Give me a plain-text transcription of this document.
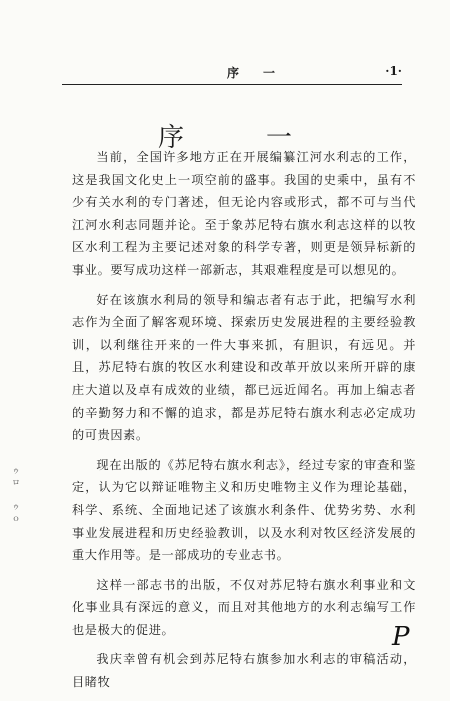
序　一	·1·
序　一

当前，全国许多地方正在开展编纂江河水利志的工作，这是我国文化史上一项空前的盛事。我国的史乘中，虽有不少有关水利的专门著述，但无论内容或形式，都不可与当代江河水利志同题并论。至于象苏尼特右旗水利志这样的以牧区水利工程为主要记述对象的科学专著，则更是领异标新的事业。要写成功这样一部新志，其艰难程度是可以想见的。

好在该旗水利局的领导和编志者有志于此，把编写水利志作为全面了解客观环境、探索历史发展进程的主要经验教训，以利继往开来的一件大事来抓，有胆识，有远见。并且，苏尼特右旗的牧区水利建设和改革开放以来所开辟的康庄大道以及卓有成效的业绩，都已远近闻名。再加上编志者的辛勤努力和不懈的追求，都是苏尼特右旗水利志必定成功的可贵因素。

现在出版的《苏尼特右旗水利志》，经过专家的审查和鉴定，认为它以辩证唯物主义和历史唯物主义作为理论基础，科学、系统、全面地记述了该旗水利条件、优势劣势、水利事业发展进程和历史经验教训，以及水利对牧区经济发展的重大作用等。是一部成功的专业志书。

这样一部志书的出版，不仅对苏尼特右旗水利事业和文化事业具有深远的意义，而且对其他地方的水利志编写工作也是极大的促进。

我庆幸曾有机会到苏尼特右旗参加水利志的审稿活动，目睹牧

ゥ
ロ

ゥ
ｏ
P
